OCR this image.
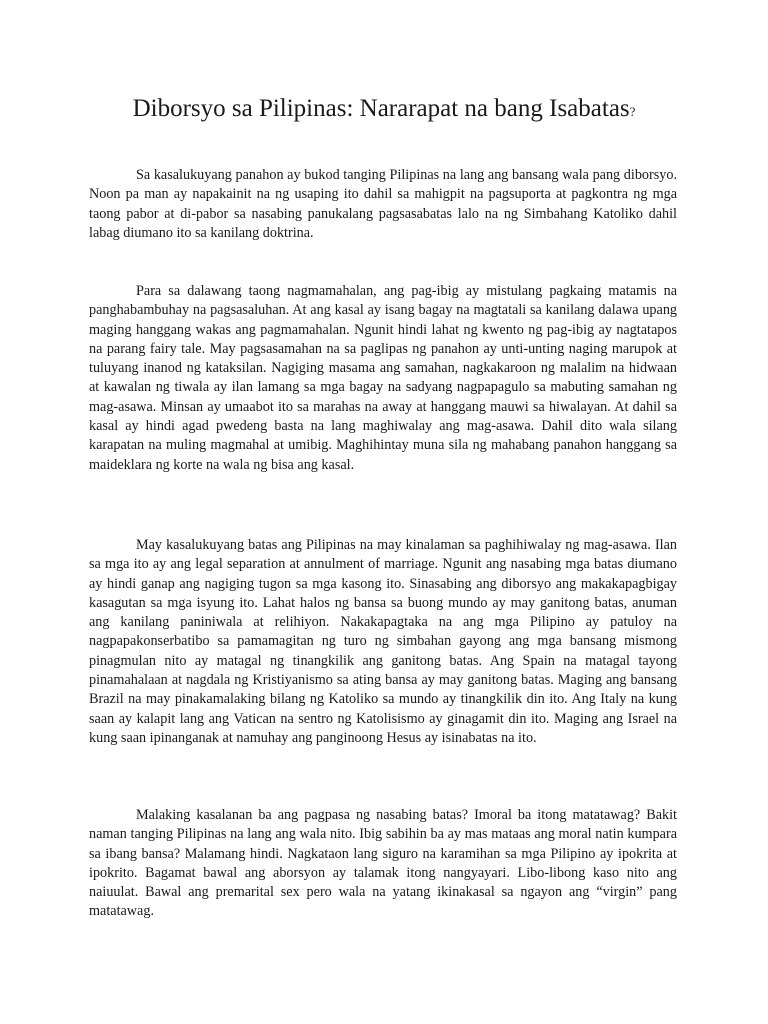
Diborsyo sa Pilipinas: Nararapat na bang Isabatas?

Sa kasalukuyang panahon ay bukod tanging Pilipinas na lang ang bansang wala pang diborsyo. Noon pa man ay napakainit na ng usaping ito dahil sa mahigpit na pagsuporta at pagkontra ng mga taong pabor at di-pabor sa nasabing panukalang pagsasabatas lalo na ng Simbahang Katoliko dahil labag diumano ito sa kanilang doktrina.

Para sa dalawang taong nagmamahalan, ang pag-ibig ay mistulang pagkaing matamis na panghabambuhay na pagsasaluhan. At ang kasal ay isang bagay na magtatali sa kanilang dalawa upang maging hanggang wakas ang pagmamahalan. Ngunit hindi lahat ng kwento ng pag-ibig ay nagtatapos na parang fairy tale. May pagsasamahan na sa paglipas ng panahon ay unti-unting naging marupok at tuluyang inanod ng kataksilan. Nagiging masama ang samahan, nagkakaroon ng malalim na hidwaan at kawalan ng tiwala ay ilan lamang sa mga bagay na sadyang nagpapagulo sa mabuting samahan ng mag-asawa. Minsan ay umaabot ito sa marahas na away at hanggang mauwi sa hiwalayan. At dahil sa kasal ay hindi agad pwedeng basta na lang maghiwalay ang mag-asawa. Dahil dito wala silang karapatan na muling magmahal at umibig. Maghihintay muna sila ng mahabang panahon hanggang sa maideklara ng korte na wala ng bisa ang kasal.

May kasalukuyang batas ang Pilipinas na may kinalaman sa paghihiwalay ng mag-asawa. Ilan sa mga ito ay ang legal separation at annulment of marriage. Ngunit ang nasabing mga batas diumano ay hindi ganap ang nagiging tugon sa mga kasong ito. Sinasabing ang diborsyo ang makakapagbigay kasagutan sa mga isyung ito. Lahat halos ng bansa sa buong mundo ay may ganitong batas, anuman ang kanilang paniniwala at relihiyon. Nakakapagtaka na ang mga Pilipino ay patuloy na nagpapakonserbatibo sa pamamagitan ng turo ng simbahan gayong ang mga bansang mismong pinagmulan nito ay matagal ng tinangkilik ang ganitong batas. Ang Spain na matagal tayong pinamahalaan at nagdala ng Kristiyanismo sa ating bansa ay may ganitong batas. Maging ang bansang Brazil na may pinakamalaking bilang ng Katoliko sa mundo ay tinangkilik din ito. Ang Italy na kung saan ay kalapit lang ang Vatican na sentro ng Katolisismo ay ginagamit din ito. Maging ang Israel na kung saan ipinanganak at namuhay ang panginoong Hesus ay isinabatas na ito.

Malaking kasalanan ba ang pagpasa ng nasabing batas? Imoral ba itong matatawag? Bakit naman tanging Pilipinas na lang ang wala nito. Ibig sabihin ba ay mas mataas ang moral natin kumpara sa ibang bansa? Malamang hindi. Nagkataon lang siguro na karamihan sa mga Pilipino ay ipokrita at ipokrito. Bagamat bawal ang aborsyon ay talamak itong nangyayari. Libo-libong kaso nito ang naiuulat. Bawal ang premarital sex pero wala na yatang ikinakasal sa ngayon ang “virgin” pang matatawag.
